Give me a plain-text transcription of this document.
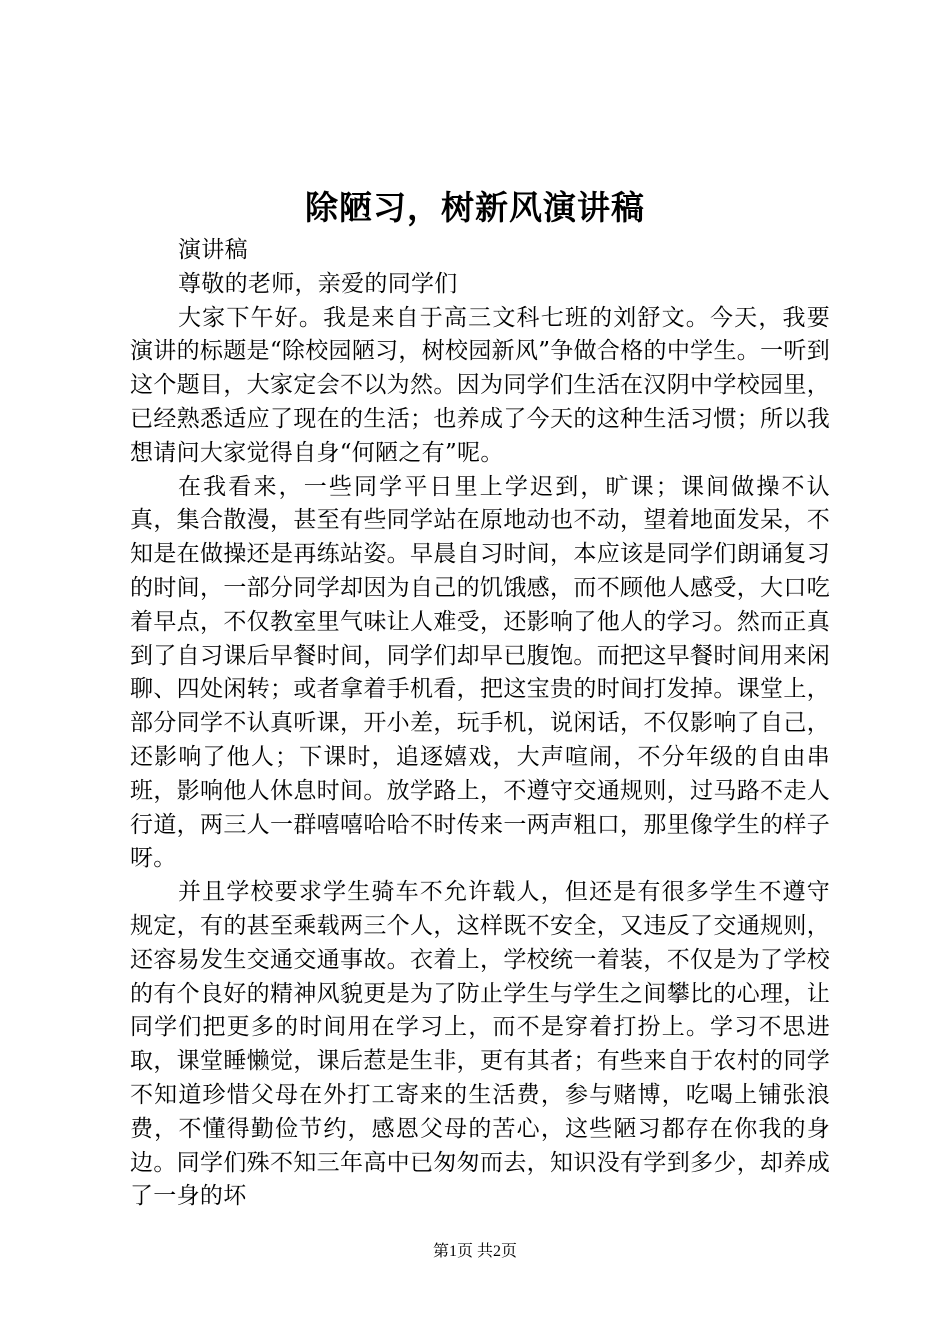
除陋习，树新风演讲稿

演讲稿

尊敬的老师，亲爱的同学们

大家下午好。我是来自于高三文科七班的刘舒文。今天，我要演讲的标题是“除校园陋习，树校园新风”争做合格的中学生。一听到这个题目，大家定会不以为然。因为同学们生活在汉阴中学校园里，已经熟悉适应了现在的生活；也养成了今天的这种生活习惯；所以我想请问大家觉得自身“何陋之有”呢。

在我看来，一些同学平日里上学迟到，旷课；课间做操不认真，集合散漫，甚至有些同学站在原地动也不动，望着地面发呆，不知是在做操还是再练站姿。早晨自习时间，本应该是同学们朗诵复习的时间，一部分同学却因为自己的饥饿感，而不顾他人感受，大口吃着早点，不仅教室里气味让人难受，还影响了他人的学习。然而正真到了自习课后早餐时间，同学们却早已腹饱。而把这早餐时间用来闲聊、四处闲转；或者拿着手机看，把这宝贵的时间打发掉。课堂上，部分同学不认真听课，开小差，玩手机，说闲话，不仅影响了自己，还影响了他人；下课时，追逐嬉戏，大声喧闹，不分年级的自由串班，影响他人休息时间。放学路上，不遵守交通规则，过马路不走人行道，两三人一群嘻嘻哈哈不时传来一两声粗口，那里像学生的样子呀。

并且学校要求学生骑车不允许载人，但还是有很多学生不遵守规定，有的甚至乘载两三个人，这样既不安全，又违反了交通规则，还容易发生交通交通事故。衣着上，学校统一着装，不仅是为了学校的有个良好的精神风貌更是为了防止学生与学生之间攀比的心理，让同学们把更多的时间用在学习上，而不是穿着打扮上。学习不思进取，课堂睡懒觉，课后惹是生非，更有其者；有些来自于农村的同学不知道珍惜父母在外打工寄来的生活费，参与赌博，吃喝上铺张浪费，不懂得勤俭节约，感恩父母的苦心，这些陋习都存在你我的身边。同学们殊不知三年高中已匆匆而去，知识没有学到多少，却养成了一身的坏

第1页 共2页
